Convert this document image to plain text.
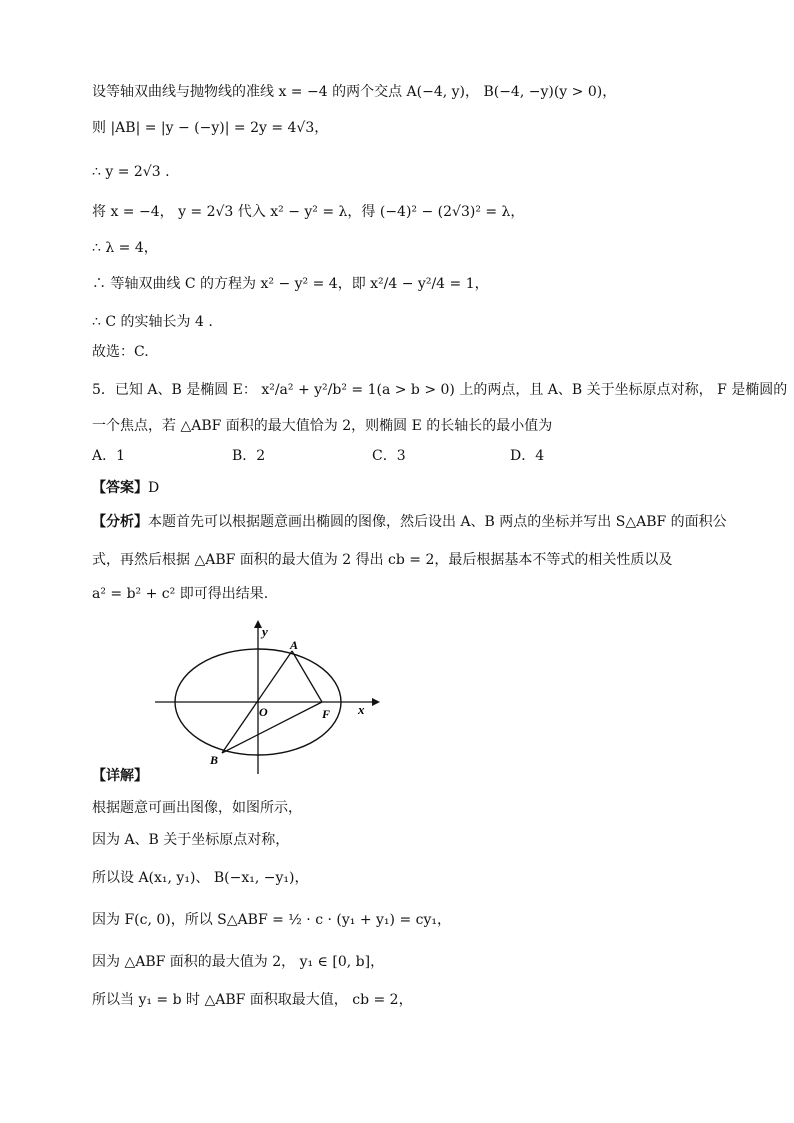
设等轴双曲线与抛物线的准线 x = −4 的两个交点 A(−4, y)， B(−4, −y)(y > 0)，
则 |AB| = |y − (−y)| = 2y = 4√3，
∴ y = 2√3 .
将 x = −4， y = 2√3 代入 x² − y² = λ，得 (−4)² − (2√3)² = λ，
∴ λ = 4，
∴ 等轴双曲线 C 的方程为 x² − y² = 4，即 x²/4 − y²/4 = 1，
∴ C 的实轴长为 4 .
故选：C.
5．已知 A、B 是椭圆 E： x²/a² + y²/b² = 1(a > b > 0) 上的两点，且 A、B 关于坐标原点对称， F 是椭圆的
一个焦点，若 △ABF 面积的最大值恰为 2，则椭圆 E 的长轴长的最小值为
A．1	B．2	C．3	D．4
【答案】D
【分析】本题首先可以根据题意画出椭圆的图像，然后设出 A、B 两点的坐标并写出 S△ABF 的面积公
式，再然后根据 △ABF 面积的最大值为 2 得出 cb = 2，最后根据基本不等式的相关性质以及
a² = b² + c² 即可得出结果.
y
x
A
O	F
B
【详解】
根据题意可画出图像，如图所示，
因为 A、B 关于坐标原点对称，
所以设 A(x₁, y₁)、 B(−x₁, −y₁)，
因为 F(c, 0)，所以 S△ABF = ½ · c · (y₁ + y₁) = cy₁，
因为 △ABF 面积的最大值为 2， y₁ ∈ [0, b]，
所以当 y₁ = b 时 △ABF 面积取最大值， cb = 2，
